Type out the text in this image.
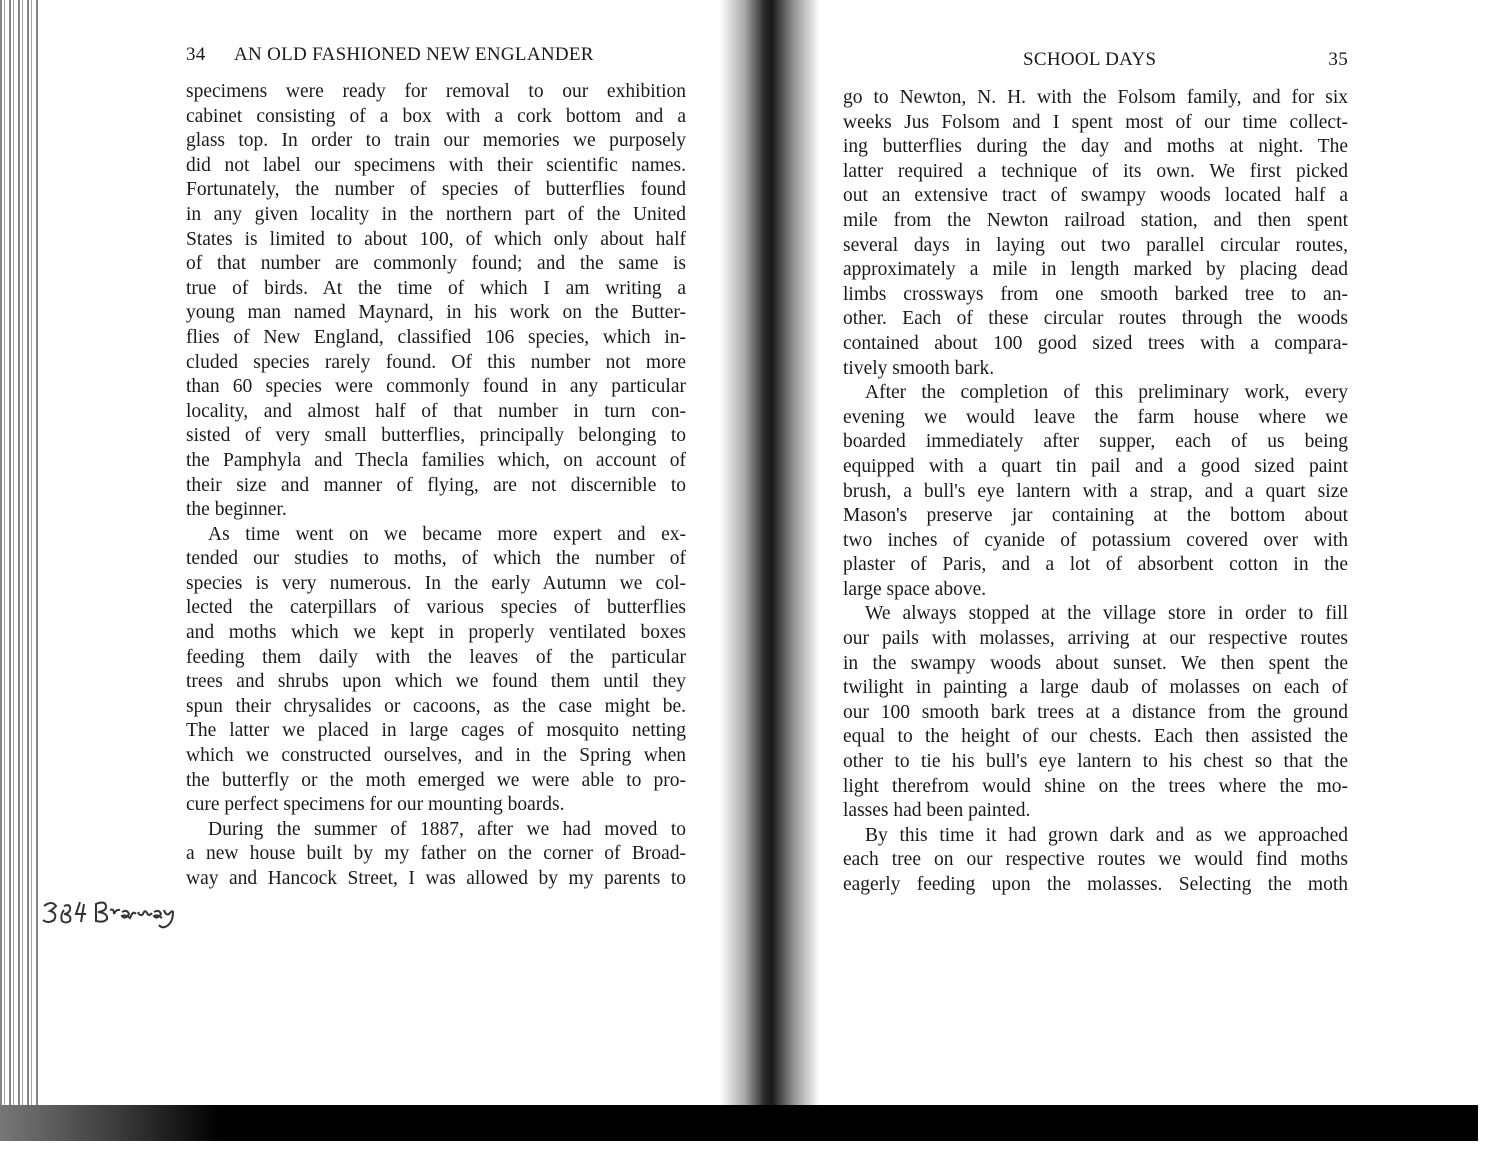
34 AN OLD FASHIONED NEW ENGLANDER
specimens were ready for removal to our exhibition
cabinet consisting of a box with a cork bottom and a
glass top. In order to train our memories we purposely
did not label our specimens with their scientific names.
Fortunately, the number of species of butterflies found
in any given locality in the northern part of the United
States is limited to about 100, of which only about half
of that number are commonly found; and the same is
true of birds. At the time of which I am writing a
young man named Maynard, in his work on the Butter-
flies of New England, classified 106 species, which in-
cluded species rarely found. Of this number not more
than 60 species were commonly found in any particular
locality, and almost half of that number in turn con-
sisted of very small butterflies, principally belonging to
the Pamphyla and Thecla families which, on account of
their size and manner of flying, are not discernible to
the beginner.
As time went on we became more expert and ex-
tended our studies to moths, of which the number of
species is very numerous. In the early Autumn we col-
lected the caterpillars of various species of butterflies
and moths which we kept in properly ventilated boxes
feeding them daily with the leaves of the particular
trees and shrubs upon which we found them until they
spun their chrysalides or cacoons, as the case might be.
The latter we placed in large cages of mosquito netting
which we constructed ourselves, and in the Spring when
the butterfly or the moth emerged we were able to pro-
cure perfect specimens for our mounting boards.
During the summer of 1887, after we had moved to
a new house built by my father on the corner of Broad-
way and Hancock Street, I was allowed by my parents to
SCHOOL DAYS	35
go to Newton, N. H. with the Folsom family, and for six
weeks Jus Folsom and I spent most of our time collect-
ing butterflies during the day and moths at night. The
latter required a technique of its own. We first picked
out an extensive tract of swampy woods located half a
mile from the Newton railroad station, and then spent
several days in laying out two parallel circular routes,
approximately a mile in length marked by placing dead
limbs crossways from one smooth barked tree to an-
other. Each of these circular routes through the woods
contained about 100 good sized trees with a compara-
tively smooth bark.
After the completion of this preliminary work, every
evening we would leave the farm house where we
boarded immediately after supper, each of us being
equipped with a quart tin pail and a good sized paint
brush, a bull's eye lantern with a strap, and a quart size
Mason's preserve jar containing at the bottom about
two inches of cyanide of potassium covered over with
plaster of Paris, and a lot of absorbent cotton in the
large space above.
We always stopped at the village store in order to fill
our pails with molasses, arriving at our respective routes
in the swampy woods about sunset. We then spent the
twilight in painting a large daub of molasses on each of
our 100 smooth bark trees at a distance from the ground
equal to the height of our chests. Each then assisted the
other to tie his bull's eye lantern to his chest so that the
light therefrom would shine on the trees where the mo-
lasses had been painted.
By this time it had grown dark and as we approached
each tree on our respective routes we would find moths
eagerly feeding upon the molasses. Selecting the moth
